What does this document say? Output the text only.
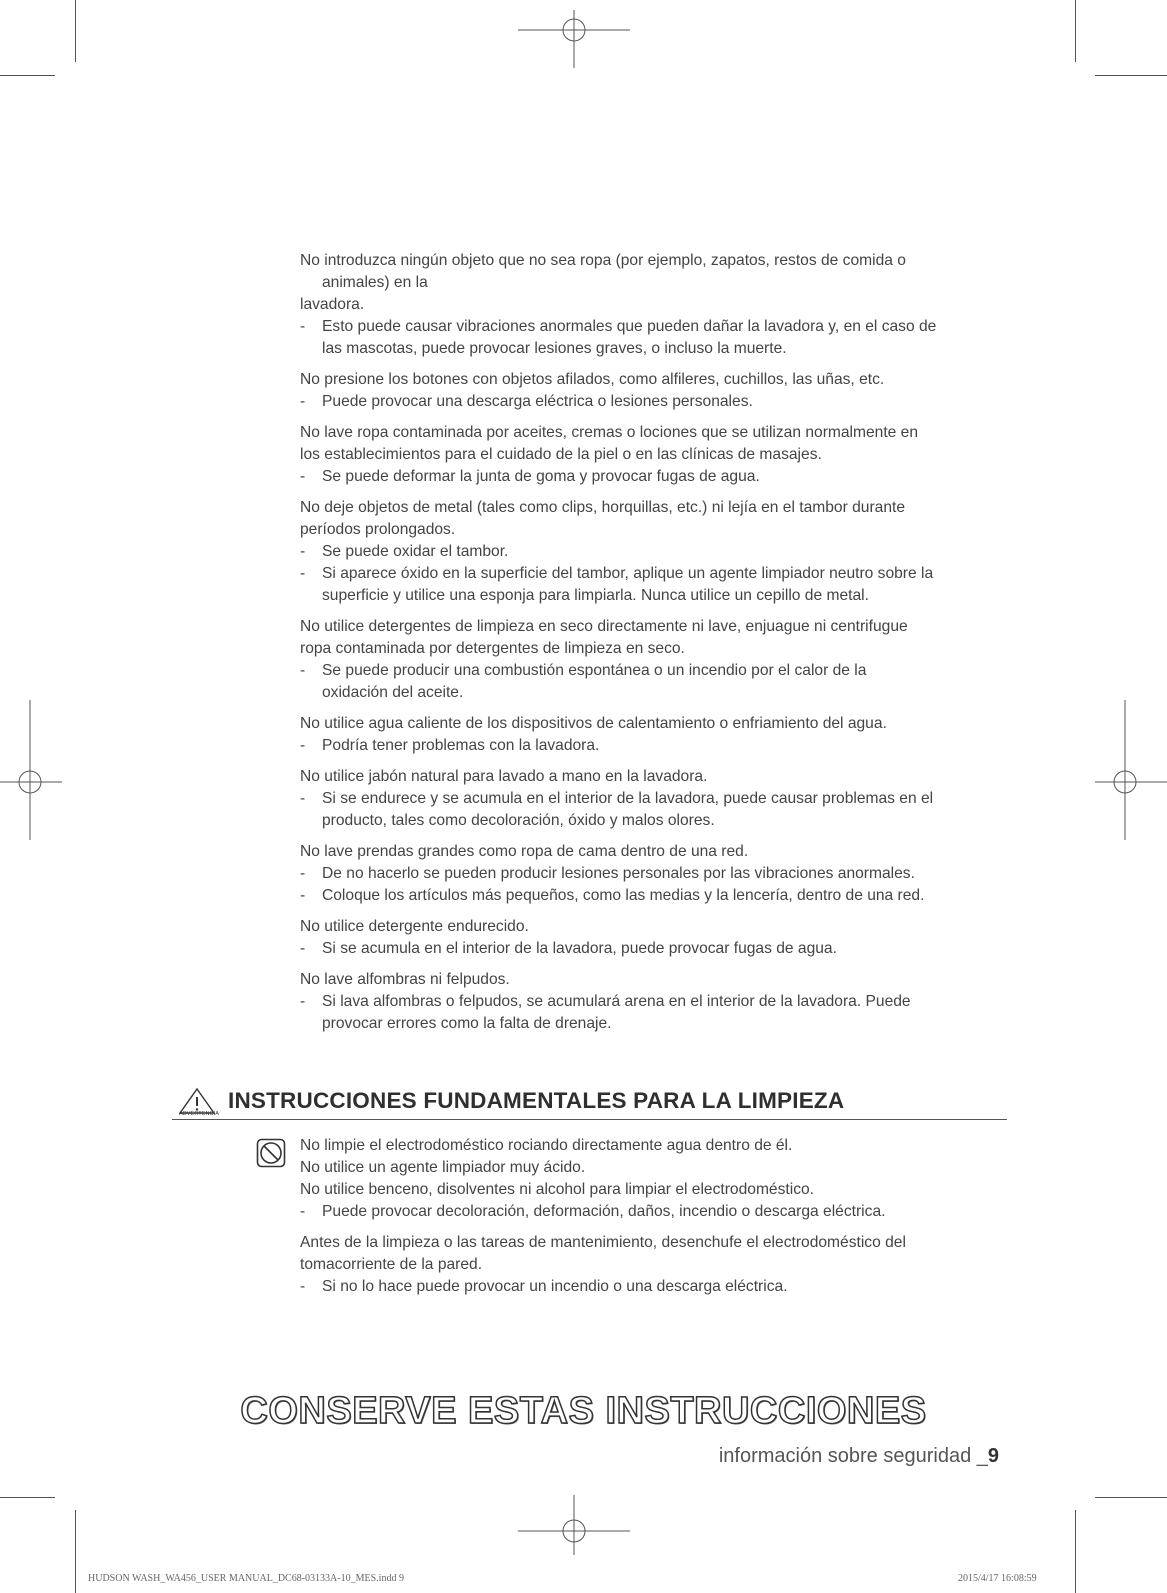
No introduzca ningún objeto que no sea ropa (por ejemplo, zapatos, restos de comida o

animales) en la

lavadora.

- Esto puede causar vibraciones anormales que pueden dañar la lavadora y, en el caso de
las mascotas, puede provocar lesiones graves, o incluso la muerte.

No presione los botones con objetos afilados, como alfileres, cuchillos, las uñas, etc.

- Puede provocar una descarga eléctrica o lesiones personales.

No lave ropa contaminada por aceites, cremas o lociones que se utilizan normalmente en

los establecimientos para el cuidado de la piel o en las clínicas de masajes.

- Se puede deformar la junta de goma y provocar fugas de agua.

No deje objetos de metal (tales como clips, horquillas, etc.) ni lejía en el tambor durante

períodos prolongados.

- Se puede oxidar el tambor.
- Si aparece óxido en la superficie del tambor, aplique un agente limpiador neutro sobre la
superficie y utilice una esponja para limpiarla. Nunca utilice un cepillo de metal.

No utilice detergentes de limpieza en seco directamente ni lave, enjuague ni centrifugue

ropa contaminada por detergentes de limpieza en seco.

- Se puede producir una combustión espontánea o un incendio por el calor de la
oxidación del aceite.

No utilice agua caliente de los dispositivos de calentamiento o enfriamiento del agua.

- Podría tener problemas con la lavadora.

No utilice jabón natural para lavado a mano en la lavadora.

- Si se endurece y se acumula en el interior de la lavadora, puede causar problemas en el
producto, tales como decoloración, óxido y malos olores.

No lave prendas grandes como ropa de cama dentro de una red.

- De no hacerlo se pueden producir lesiones personales por las vibraciones anormales.
- Coloque los artículos más pequeños, como las medias y la lencería, dentro de una red.

No utilice detergente endurecido.

- Si se acumula en el interior de la lavadora, puede provocar fugas de agua.

No lave alfombras ni felpudos.

- Si lava alfombras o felpudos, se acumulará arena en el interior de la lavadora. Puede
provocar errores como la falta de drenaje.
ADVERTENCIA
INSTRUCCIONES FUNDAMENTALES PARA LA LIMPIEZA

No limpie el electrodoméstico rociando directamente agua dentro de él.

No utilice un agente limpiador muy ácido.

No utilice benceno, disolventes ni alcohol para limpiar el electrodoméstico.

- Puede provocar decoloración, deformación, daños, incendio o descarga eléctrica.

Antes de la limpieza o las tareas de mantenimiento, desenchufe el electrodoméstico del

tomacorriente de la pared.

- Si no lo hace puede provocar un incendio o una descarga eléctrica.
CONSERVE ESTAS INSTRUCCIONES
información sobre seguridad _9
HUDSON WASH_WA456_USER MANUAL_DC68-03133A-10_MES.indd 9	2015/4/17 16:08:59
